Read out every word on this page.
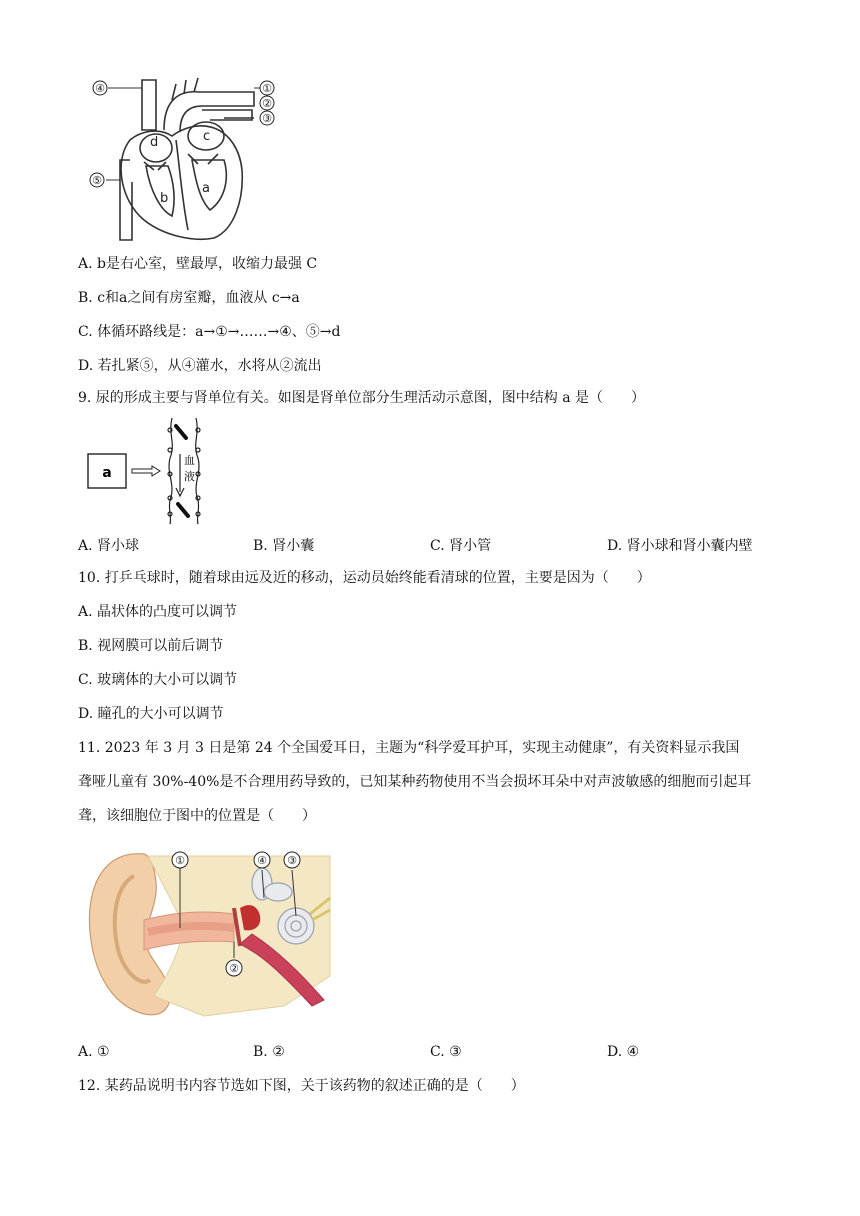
④	①
②
③
⑤
c
d
b
a
A. b是右心室，壁最厚，收缩力最强 C
B. c和a之间有房室瓣，血液从 c→a
C. 体循环路线是：a→①→……→④、⑤→d
D. 若扎紧⑤，从④灌水，水将从②流出
9. 尿的形成主要与肾单位有关。如图是肾单位部分生理活动示意图，图中结构 a 是（　　）
a
血
液
A. 肾小球	B. 肾小囊	C. 肾小管	D. 肾小球和肾小囊内壁
10. 打乒乓球时，随着球由远及近的移动，运动员始终能看清球的位置，主要是因为（　　）
A. 晶状体的凸度可以调节
B. 视网膜可以前后调节
C. 玻璃体的大小可以调节
D. 瞳孔的大小可以调节
11. 2023 年 3 月 3 日是第 24 个全国爱耳日，主题为“科学爱耳护耳，实现主动健康”，有关资料显示我国
聋哑儿童有 30%-40%是不合理用药导致的，已知某种药物使用不当会损坏耳朵中对声波敏感的细胞而引起耳
聋，该细胞位于图中的位置是（　　）
①	④ ③
②
A. ①	B. ②	C. ③	D. ④
12. 某药品说明书内容节选如下图，关于该药物的叙述正确的是（　　）
